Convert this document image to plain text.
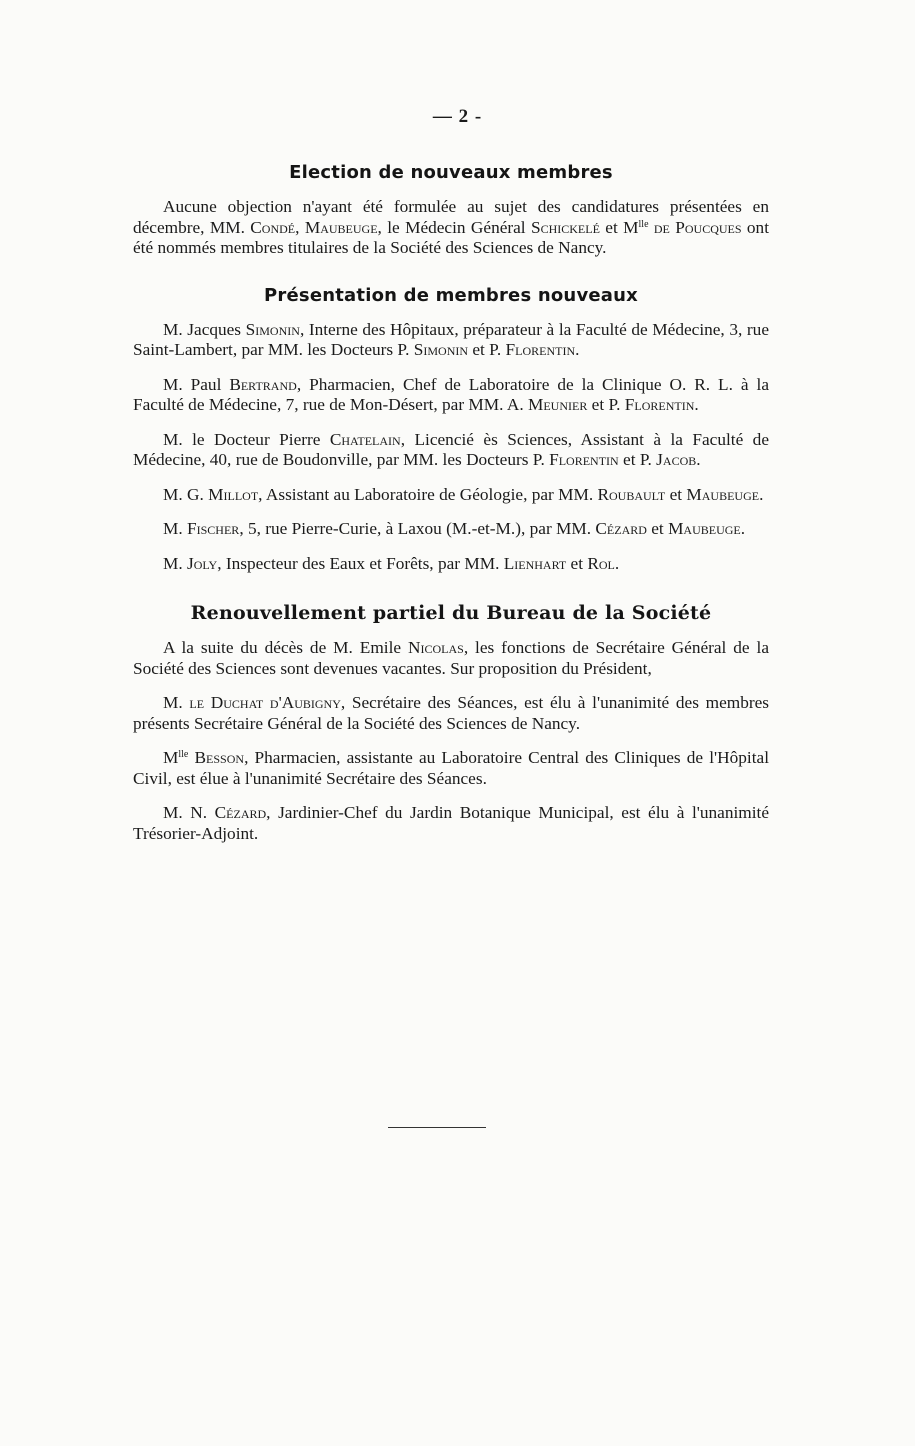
— 2 -
Election de nouveaux membres

Aucune objection n'ayant été formulée au sujet des candidatures présentées en décembre, MM. Condé, Maubeuge, le Médecin Général Schickelé et $M^{lle}$ de Poucques ont été nommés membres titulaires de la Société des Sciences de Nancy.

Présentation de membres nouveaux

M. Jacques Simonin, Interne des Hôpitaux, préparateur à la Faculté de Médecine, 3, rue Saint-Lambert, par MM. les Docteurs P. Simonin et P. Florentin.

M. Paul Bertrand, Pharmacien, Chef de Laboratoire de la Clinique O. R. L. à la Faculté de Médecine, 7, rue de Mon-Désert, par MM. A. Meunier et P. Florentin.

M. le Docteur Pierre Chatelain, Licencié ès Sciences, Assistant à la Faculté de Médecine, 40, rue de Boudonville, par MM. les Docteurs P. Florentin et P. Jacob.

M. G. Millot, Assistant au Laboratoire de Géologie, par MM. Roubault et Maubeuge.

M. Fischer, 5, rue Pierre-Curie, à Laxou (M.-et-M.), par MM. Cézard et Maubeuge.

M. Joly, Inspecteur des Eaux et Forêts, par MM. Lienhart et Rol.

Renouvellement partiel du Bureau de la Société

A la suite du décès de M. Emile Nicolas, les fonctions de Secrétaire Général de la Société des Sciences sont devenues vacantes. Sur proposition du Président,

M. le Duchat d'Aubigny, Secrétaire des Séances, est élu à l'unanimité des membres présents Secrétaire Général de la Société des Sciences de Nancy.

$M^{lle}$ Besson, Pharmacien, assistante au Laboratoire Central des Cliniques de l'Hôpital Civil, est élue à l'unanimité Secrétaire des Séances.

M. N. Cézard, Jardinier-Chef du Jardin Botanique Municipal, est élu à l'unanimité Trésorier-Adjoint.
